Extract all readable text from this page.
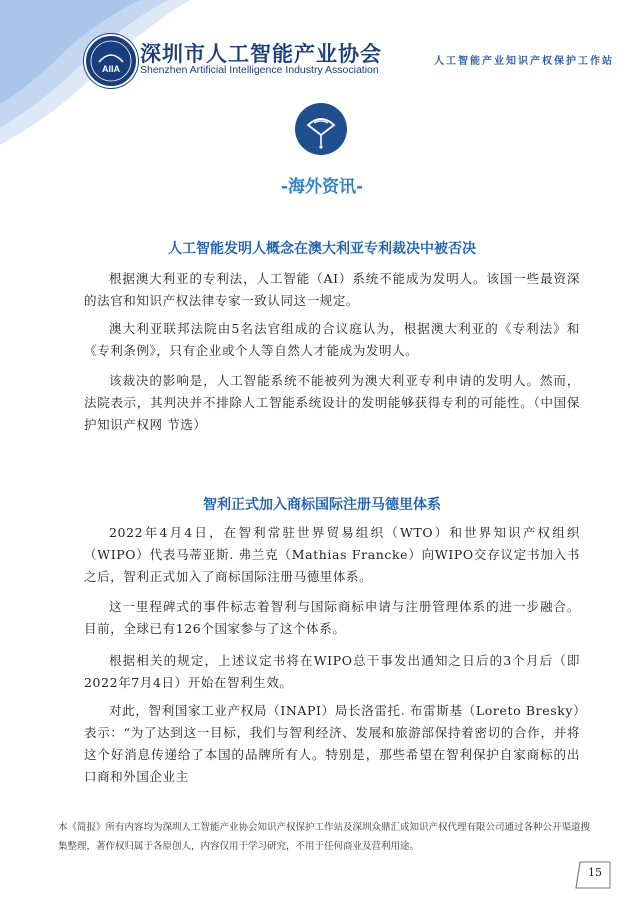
AIIA
深圳市人工智能产业协会
Shenzhen Artificial Intelligence Industry Association
人工智能产业知识产权保护工作站
-海外资讯-
人工智能发明人概念在澳大利亚专利裁决中被否决

根据澳大利亚的专利法，人工智能（AI）系统不能成为发明人。该国一些最资深的法官和知识产权法律专家一致认同这一规定。

澳大利亚联邦法院由5名法官组成的合议庭认为，根据澳大利亚的《专利法》和《专利条例》，只有企业或个人等自然人才能成为发明人。

该裁决的影响是，人工智能系统不能被列为澳大利亚专利申请的发明人。然而，法院表示，其判决并不排除人工智能系统设计的发明能够获得专利的可能性。（中国保护知识产权网 节选）

智利正式加入商标国际注册马德里体系

2022年4月4日，在智利常驻世界贸易组织（WTO）和世界知识产权组织（WIPO）代表马蒂亚斯. 弗兰克（Mathias Francke）向WIPO交存议定书加入书之后，智利正式加入了商标国际注册马德里体系。

这一里程碑式的事件标志着智利与国际商标申请与注册管理体系的进一步融合。目前，全球已有126个国家参与了这个体系。

根据相关的规定，上述议定书将在WIPO总干事发出通知之日后的3个月后（即2022年7月4日）开始在智利生效。

对此，智利国家工业产权局（INAPI）局长洛雷托. 布雷斯基（Loreto Bresky）表示：“为了达到这一目标，我们与智利经济、发展和旅游部保持着密切的合作，并将这个好消息传递给了本国的品牌所有人。特别是，那些希望在智利保护自家商标的出口商和外国企业主

本《简报》所有内容均为深圳人工智能产业协会知识产权保护工作站及深圳众鼎汇成知识产权代理有限公司通过各种公开渠道搜集整理，著作权归属于各原创人，内容仅用于学习研究，不用于任何商业及营利用途。

15
